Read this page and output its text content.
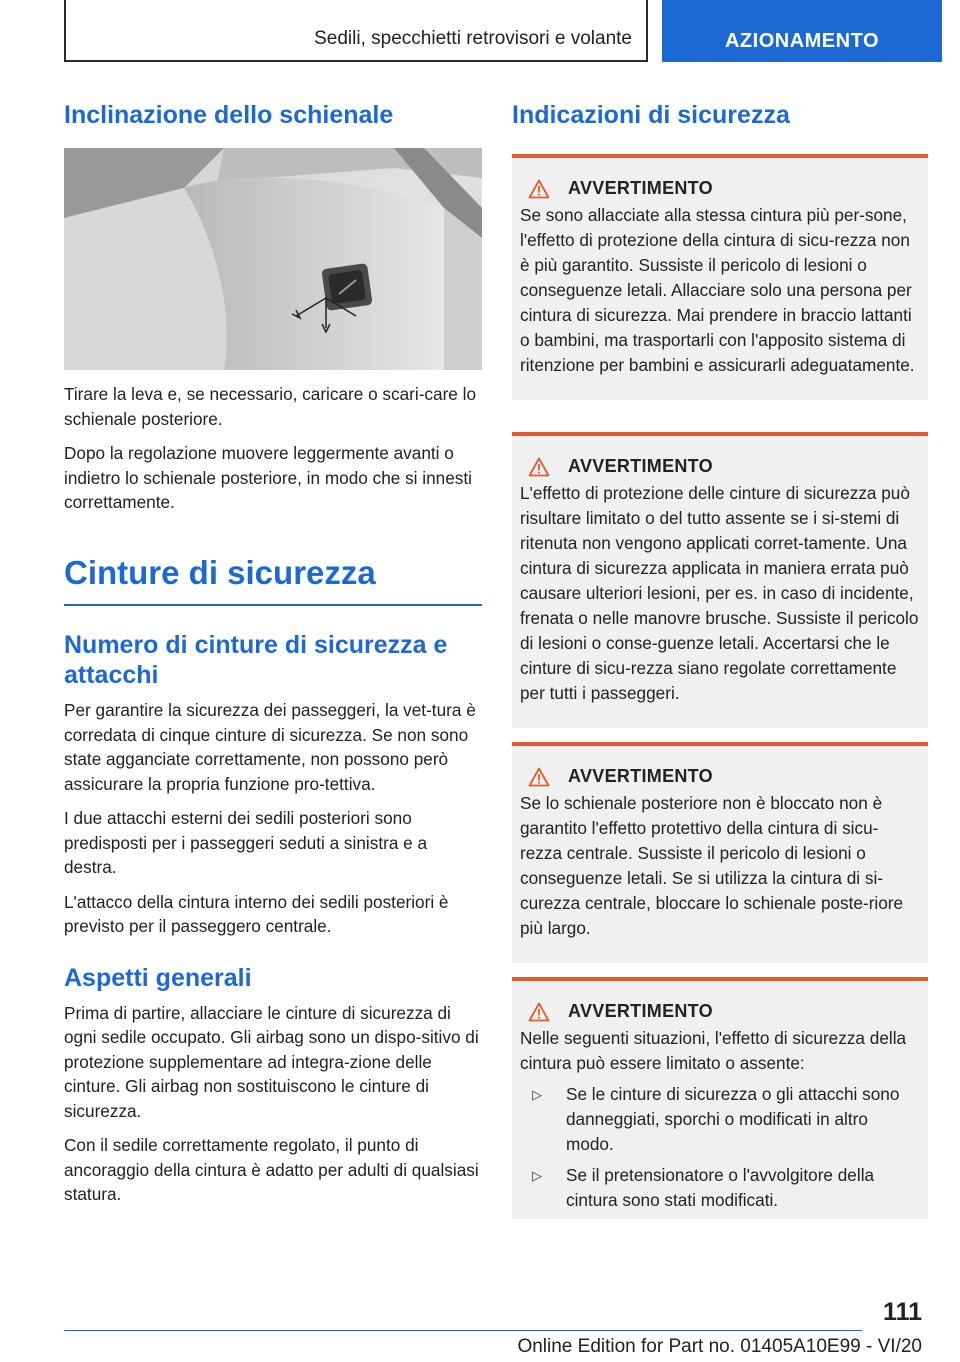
Sedili, specchietti retrovisori e volante	AZIONAMENTO
Inclinazione dello schienale

Tirare la leva e, se necessario, caricare o scari-care lo schienale posteriore.

Dopo la regolazione muovere leggermente avanti o indietro lo schienale posteriore, in modo che si innesti correttamente.

Cinture di sicurezza
Numero di cinture di sicurezza e attacchi

Per garantire la sicurezza dei passeggeri, la vet-tura è corredata di cinque cinture di sicurezza. Se non sono state agganciate correttamente, non possono però assicurare la propria funzione pro-tettiva.

I due attacchi esterni dei sedili posteriori sono predisposti per i passeggeri seduti a sinistra e a destra.

L'attacco della cintura interno dei sedili posteriori è previsto per il passeggero centrale.

Aspetti generali

Prima di partire, allacciare le cinture di sicurezza di ogni sedile occupato. Gli airbag sono un dispo-sitivo di protezione supplementare ad integra-zione delle cinture. Gli airbag non sostituiscono le cinture di sicurezza.

Con il sedile correttamente regolato, il punto di ancoraggio della cintura è adatto per adulti di qualsiasi statura.

Indicazioni di sicurezza
AVVERTIMENTO

Se sono allacciate alla stessa cintura più per-sone, l'effetto di protezione della cintura di sicu-rezza non è più garantito. Sussiste il pericolo di lesioni o conseguenze letali. Allacciare solo una persona per cintura di sicurezza. Mai prendere in braccio lattanti o bambini, ma trasportarli con l'apposito sistema di ritenzione per bambini e assicurarli adeguatamente.

AVVERTIMENTO

L'effetto di protezione delle cinture di sicurezza può risultare limitato o del tutto assente se i si-stemi di ritenuta non vengono applicati corret-tamente. Una cintura di sicurezza applicata in maniera errata può causare ulteriori lesioni, per es. in caso di incidente, frenata o nelle manovre brusche. Sussiste il pericolo di lesioni o conse-guenze letali. Accertarsi che le cinture di sicu-rezza siano regolate correttamente per tutti i passeggeri.

AVVERTIMENTO

Se lo schienale posteriore non è bloccato non è garantito l'effetto protettivo della cintura di sicu-rezza centrale. Sussiste il pericolo di lesioni o conseguenze letali. Se si utilizza la cintura di si-curezza centrale, bloccare lo schienale poste-riore più largo.

AVVERTIMENTO

Nelle seguenti situazioni, l'effetto di sicurezza della cintura può essere limitato o assente:

▷	Se le cinture di sicurezza o gli attacchi sono danneggiati, sporchi o modificati in altro modo.
▷	Se il pretensionatore o l'avvolgitore della cintura sono stati modificati.
111
Online Edition for Part no. 01405A10E99 - VI/20
